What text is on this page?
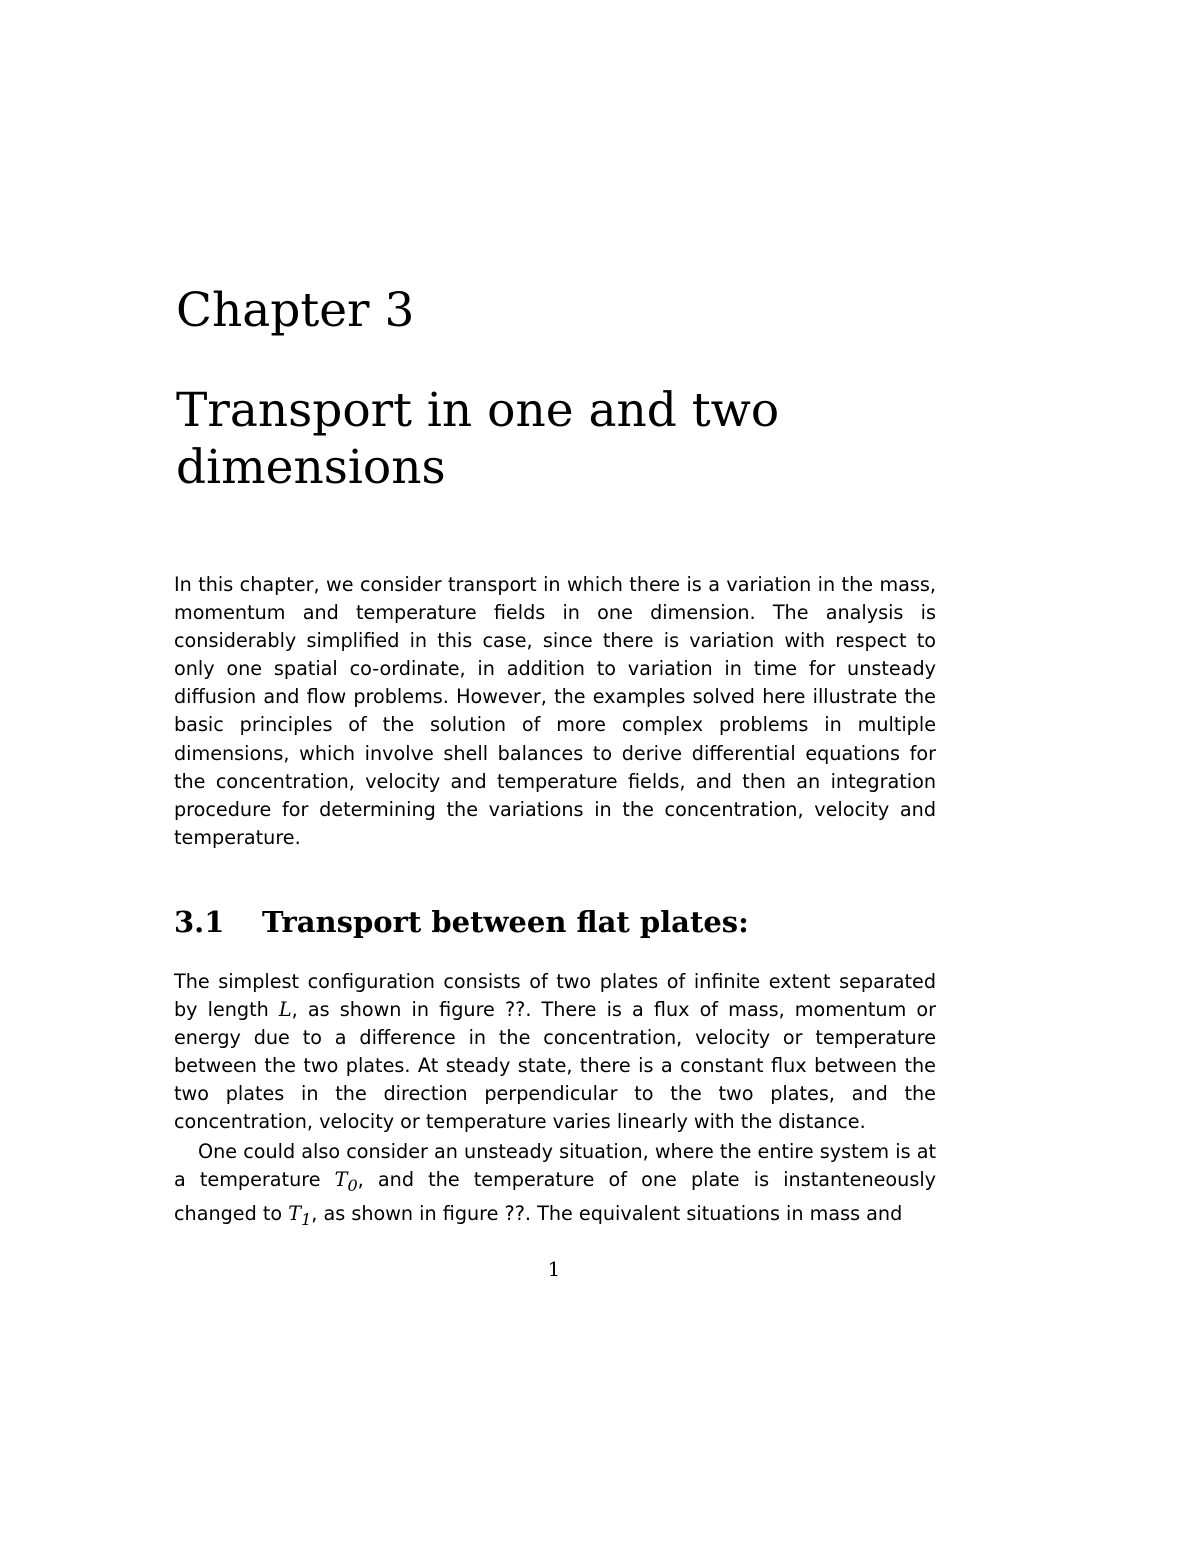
Chapter 3
Transport in one and two dimensions

In this chapter, we consider transport in which there is a variation in the mass, momentum and temperature fields in one dimension. The analysis is considerably simplified in this case, since there is variation with respect to only one spatial co-ordinate, in addition to variation in time for unsteady diffusion and flow problems. However, the examples solved here illustrate the basic principles of the solution of more complex problems in multiple dimensions, which involve shell balances to derive differential equations for the concentration, velocity and temperature fields, and then an integration procedure for determining the variations in the concentration, velocity and temperature.

3.1 Transport between flat plates:

The simplest configuration consists of two plates of infinite extent separated by length L, as shown in figure ??. There is a flux of mass, momentum or energy due to a difference in the concentration, velocity or temperature between the two plates. At steady state, there is a constant flux between the two plates in the direction perpendicular to the two plates, and the concentration, velocity or temperature varies linearly with the distance.

One could also consider an unsteady situation, where the entire system is at a temperature $T_0$, and the temperature of one plate is instanteneously changed to $T_1$, as shown in figure ??. The equivalent situations in mass and

1
